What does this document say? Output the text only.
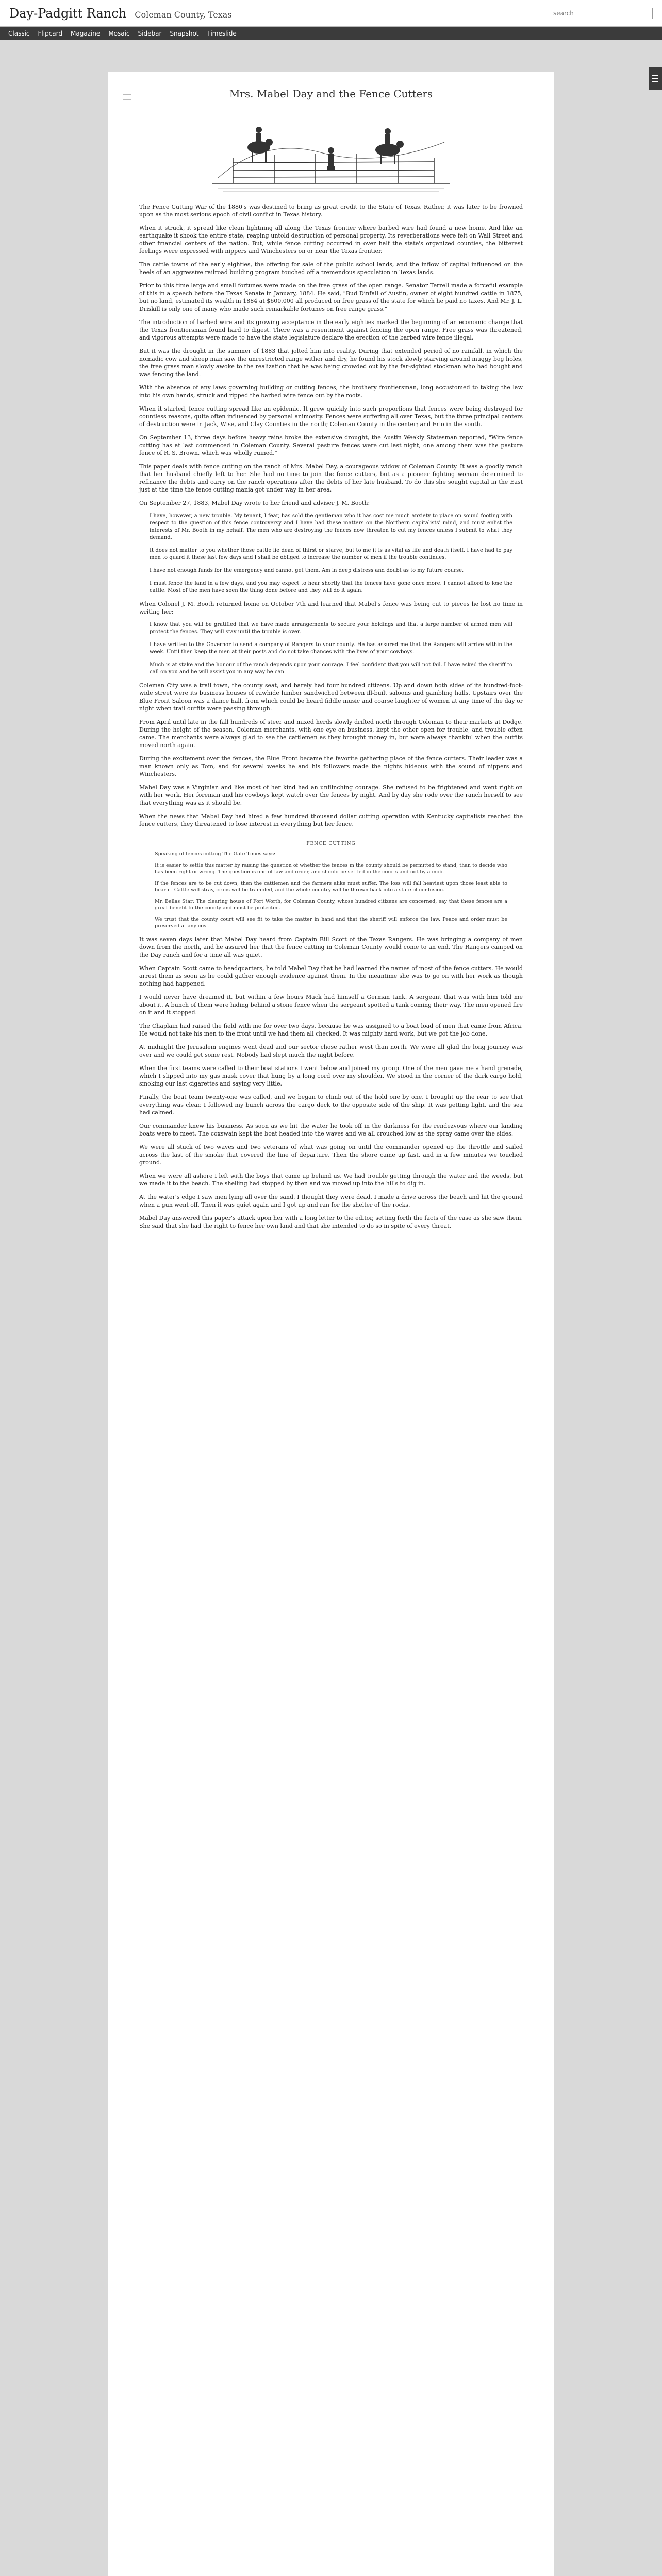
Day-Padgitt Ranch Coleman County, Texas
search
Classic	Flipcard	Magazine	Mosaic	Sidebar	Snapshot	Timeslide
Mrs. Mabel Day and the Fence Cutters

The Fence Cutting War of the 1880's was destined to bring as great credit to the State of Texas. Rather, it was later to be frowned upon as the most serious epoch of civil conflict in Texas history.

When it struck, it spread like clean lightning all along the Texas frontier where barbed wire had found a new home. And like an earthquake it shook the entire state, reaping untold destruction of personal property. Its reverberations were felt on Wall Street and other financial centers of the nation. But, while fence cutting occurred in over half the state's organized counties, the bitterest feelings were expressed with nippers and Winchesters on or near the Texas frontier.

The cattle towns of the early eighties, the offering for sale of the public school lands, and the inflow of capital influenced on the heels of an aggressive railroad building program touched off a tremendous speculation in Texas lands.

Prior to this time large and small fortunes were made on the free grass of the open range. Senator Terrell made a forceful example of this in a speech before the Texas Senate in January, 1884. He said, "Bud Dinfall of Austin, owner of eight hundred cattle in 1875, but no land, estimated its wealth in 1884 at $600,000 all produced on free grass of the state for which he paid no taxes. And Mr. J. L. Driskill is only one of many who made such remarkable fortunes on free range grass."

The introduction of barbed wire and its growing acceptance in the early eighties marked the beginning of an economic change that the Texas frontiersman found hard to digest. There was a resentment against fencing the open range. Free grass was threatened, and vigorous attempts were made to have the state legislature declare the erection of the barbed wire fence illegal.

But it was the drought in the summer of 1883 that jolted him into reality. During that extended period of no rainfall, in which the nomadic cow and sheep man saw the unrestricted range wither and dry, he found his stock slowly starving around muggy bog holes, the free grass man slowly awoke to the realization that he was being crowded out by the far-sighted stockman who had bought and was fencing the land.

With the absence of any laws governing building or cutting fences, the brothery frontiersman, long accustomed to taking the law into his own hands, struck and ripped the barbed wire fence out by the roots.

When it started, fence cutting spread like an epidemic. It grew quickly into such proportions that fences were being destroyed for countless reasons, quite often influenced by personal animosity. Fences were suffering all over Texas, but the three principal centers of destruction were in Jack, Wise, and Clay Counties in the north; Coleman County in the center; and Frio in the south.

On September 13, three days before heavy rains broke the extensive drought, the Austin Weekly Statesman reported, "Wire fence cutting has at last commenced in Coleman County. Several pasture fences were cut last night, one among them was the pasture fence of R. S. Brown, which was wholly ruined."

This paper deals with fence cutting on the ranch of Mrs. Mabel Day, a courageous widow of Coleman County. It was a goodly ranch that her husband chiefly left to her. She had no time to join the fence cutters, but as a pioneer fighting woman determined to refinance the debts and carry on the ranch operations after the debts of her late husband. To do this she sought capital in the East just at the time the fence cutting mania got under way in her area.

On September 27, 1883, Mabel Day wrote to her friend and adviser J. M. Booth:

I have, however, a new trouble. My tenant, I fear, has sold the gentleman who it has cost me much anxiety to place on sound footing with respect to the question of this fence controversy and I have had these matters on the Northern capitalists' mind, and must enlist the interests of Mr. Booth in my behalf. The men who are destroying the fences now threaten to cut my fences unless I submit to what they demand.

It does not matter to you whether those cattle lie dead of thirst or starve, but to me it is as vital as life and death itself. I have had to pay men to guard it these last few days and I shall be obliged to increase the number of men if the trouble continues.

I have not enough funds for the emergency and cannot get them. Am in deep distress and doubt as to my future course.

I must fence the land in a few days, and you may expect to hear shortly that the fences have gone once more. I cannot afford to lose the cattle. Most of the men have seen the thing done before and they will do it again.

When Colonel J. M. Booth returned home on October 7th and learned that Mabel's fence was being cut to pieces he lost no time in writing her:

I know that you will be gratified that we have made arrangements to secure your holdings and that a large number of armed men will protect the fences. They will stay until the trouble is over.

I have written to the Governor to send a company of Rangers to your county. He has assured me that the Rangers will arrive within the week. Until then keep the men at their posts and do not take chances with the lives of your cowboys.

Much is at stake and the honour of the ranch depends upon your courage. I feel confident that you will not fail. I have asked the sheriff to call on you and he will assist you in any way he can.

Coleman City was a trail town, the county seat, and barely had four hundred citizens. Up and down both sides of its hundred-foot-wide street were its business houses of rawhide lumber sandwiched between ill-built saloons and gambling halls. Upstairs over the Blue Front Saloon was a dance hall, from which could be heard fiddle music and coarse laughter of women at any time of the day or night when trail outfits were passing through.

From April until late in the fall hundreds of steer and mixed herds slowly drifted north through Coleman to their markets at Dodge. During the height of the season, Coleman merchants, with one eye on business, kept the other open for trouble, and trouble often came. The merchants were always glad to see the cattlemen as they brought money in, but were always thankful when the outfits moved north again.

During the excitement over the fences, the Blue Front became the favorite gathering place of the fence cutters. Their leader was a man known only as Tom, and for several weeks he and his followers made the nights hideous with the sound of nippers and Winchesters.

Mabel Day was a Virginian and like most of her kind had an unflinching courage. She refused to be frightened and went right on with her work. Her foreman and his cowboys kept watch over the fences by night. And by day she rode over the ranch herself to see that everything was as it should be.

When the news that Mabel Day had hired a few hundred thousand dollar cutting operation with Kentucky capitalists reached the fence cutters, they threatened to lose interest in everything but her fence.

FENCE CUTTING

Speaking of fences cutting The Gate Times says:

It is easier to settle this matter by raising the question of whether the fences in the county should be permitted to stand, than to decide who has been right or wrong. The question is one of law and order, and should be settled in the courts and not by a mob.

If the fences are to be cut down, then the cattlemen and the farmers alike must suffer. The loss will fall heaviest upon those least able to bear it. Cattle will stray, crops will be trampled, and the whole country will be thrown back into a state of confusion.

Mr. Bellas Star: The clearing house of Fort Worth, for Coleman County, whose hundred citizens are concerned, say that these fences are a great benefit to the county and must be protected.

We trust that the county court will see fit to take the matter in hand and that the sheriff will enforce the law. Peace and order must be preserved at any cost.

It was seven days later that Mabel Day heard from Captain Bill Scott of the Texas Rangers. He was bringing a company of men down from the north, and he assured her that the fence cutting in Coleman County would come to an end. The Rangers camped on the Day ranch and for a time all was quiet.

When Captain Scott came to headquarters, he told Mabel Day that he had learned the names of most of the fence cutters. He would arrest them as soon as he could gather enough evidence against them. In the meantime she was to go on with her work as though nothing had happened.

I would never have dreamed it, but within a few hours Mack had himself a German tank. A sergeant that was with him told me about it. A bunch of them were hiding behind a stone fence when the sergeant spotted a tank coming their way. The men opened fire on it and it stopped.

The Chaplain had raised the field with me for over two days, because he was assigned to a boat load of men that came from Africa. He would not take his men to the front until we had them all checked. It was mighty hard work, but we got the job done.

At midnight the Jerusalem engines went dead and our sector chose rather west than north. We were all glad the long journey was over and we could get some rest. Nobody had slept much the night before.

When the first teams were called to their boat stations I went below and joined my group. One of the men gave me a hand grenade, which I slipped into my gas mask cover that hung by a long cord over my shoulder. We stood in the corner of the dark cargo hold, smoking our last cigarettes and saying very little.

Finally, the boat team twenty-one was called, and we began to climb out of the hold one by one. I brought up the rear to see that everything was clear. I followed my bunch across the cargo deck to the opposite side of the ship. It was getting light, and the sea had calmed.

Our commander knew his business. As soon as we hit the water he took off in the darkness for the rendezvous where our landing boats were to meet. The coxswain kept the boat headed into the waves and we all crouched low as the spray came over the sides.

We were all stuck of two waves and two veterans of what was going on until the commander opened up the throttle and sailed across the last of the smoke that covered the line of departure. Then the shore came up fast, and in a few minutes we touched ground.

When we were all ashore I left with the boys that came up behind us. We had trouble getting through the water and the weeds, but we made it to the beach. The shelling had stopped by then and we moved up into the hills to dig in.

At the water's edge I saw men lying all over the sand. I thought they were dead. I made a drive across the beach and hit the ground when a gun went off. Then it was quiet again and I got up and ran for the shelter of the rocks.

Mabel Day answered this paper's attack upon her with a long letter to the editor, setting forth the facts of the case as she saw them. She said that she had the right to fence her own land and that she intended to do so in spite of every threat.
